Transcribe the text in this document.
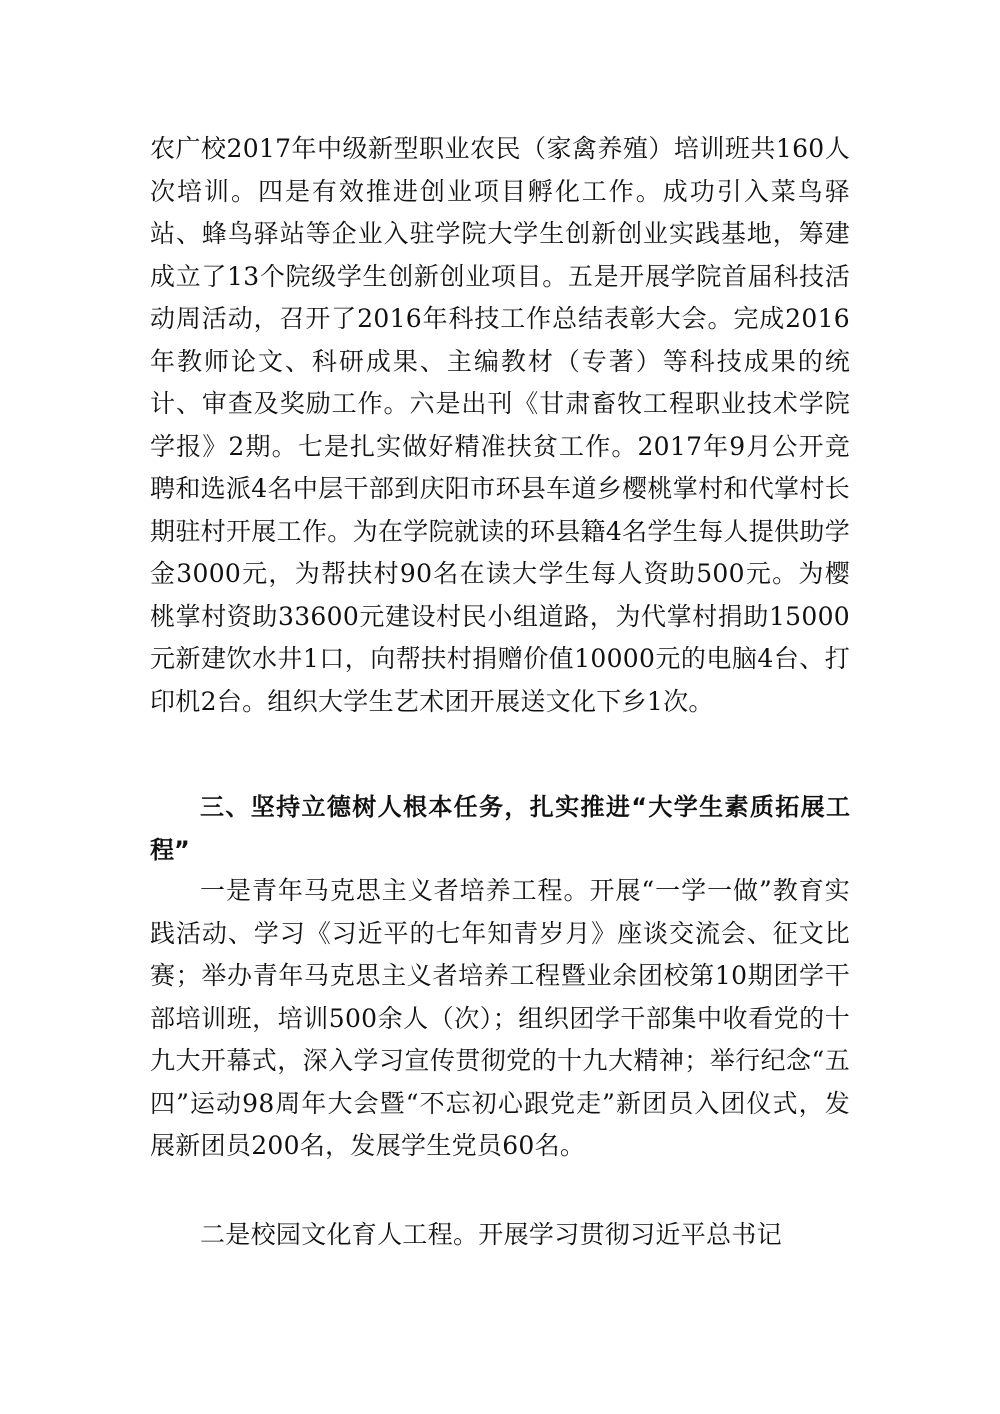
农广校2017年中级新型职业农民（家禽养殖）培训班共160人次培训。四是有效推进创业项目孵化工作。成功引入菜鸟驿站、蜂鸟驿站等企业入驻学院大学生创新创业实践基地，筹建成立了13个院级学生创新创业项目。五是开展学院首届科技活动周活动，召开了2016年科技工作总结表彰大会。完成2016年教师论文、科研成果、主编教材（专著）等科技成果的统计、审查及奖励工作。六是出刊《甘肃畜牧工程职业技术学院学报》2期。七是扎实做好精准扶贫工作。2017年9月公开竞聘和选派4名中层干部到庆阳市环县车道乡樱桃掌村和代掌村长期驻村开展工作。为在学院就读的环县籍4名学生每人提供助学金3000元，为帮扶村90名在读大学生每人资助500元。为樱桃掌村资助33600元建设村民小组道路，为代掌村捐助15000元新建饮水井1口，向帮扶村捐赠价值10000元的电脑4台、打印机2台。组织大学生艺术团开展送文化下乡1次。

三、坚持立德树人根本任务，扎实推进“大学生素质拓展工程”

一是青年马克思主义者培养工程。开展“一学一做”教育实践活动、学习《习近平的七年知青岁月》座谈交流会、征文比赛；举办青年马克思主义者培养工程暨业余团校第10期团学干部培训班，培训500余人（次）；组织团学干部集中收看党的十九大开幕式，深入学习宣传贯彻党的十九大精神；举行纪念“五四”运动98周年大会暨“不忘初心跟党走”新团员入团仪式，发展新团员200名，发展学生党员60名。

二是校园文化育人工程。开展学习贯彻习近平总书记
